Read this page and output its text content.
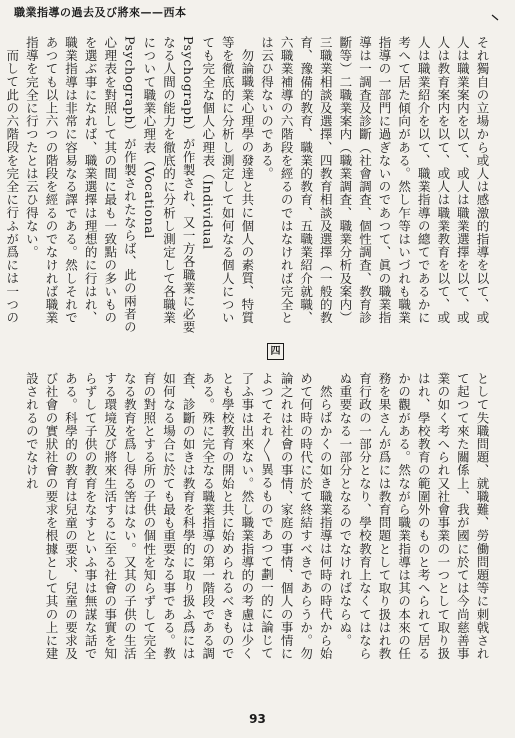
職業指導の過去及び將來——西本

それ獨自の立場から或人は感激的指導を以て、或人は職業案内を以て、或人は職業選擇を以て、或人は教育案内を以て、或人は職業教育を以て、或人は職業紹介を以て、職業指導の總てであるかに考へて居た傾向がある。然し乍等はいづれも職業指導の一部門に過ぎないのであつて、眞の職業指導は一調査及診斷（社會調査、個性調査、教育診斷等）二職業案内（職業調査、職業分析及案内）三職業相談及選擇、四教育相談及選擇（一般的教育、豫備的教育、職業的教育、五職業紹介就職、六職業補導の六階段を經るのではなければ完全とは云ひ得ないのである。

勿論職業心理學の發達と共に個人の素質、特質等を徹底的に分析し測定して如何なる個人についても完全な個人心理表（Individual Psychograph）が作製され、又一方各職業に必要なる人間の能力を徹底的に分析し測定して各職業について職業心理表（Vocational Psychograph）が作製されたならば、此の兩者の心理表を對照して其の間に最も一致點の多いものを選ぶ事になれば、職業選擇は理想的に行はれ、職業指導は非常に容易なる譯である。然しそれであつても以上六つの階段を經るのでなければ職業指導を完全に行つたとは云ひ得ない。

而して此の六階段を完全に行ふが爲には一つの

四

として失職問題、就職難、勞働問題等に刺戟されて起つて來た關係上、我が國に於ては今尚慈善事業の如く考へられ又社會事業の一つとして取り扱はれ、學校教育の範圍外のものと考へられて居るかの觀がある。然ながら職業指導は其の本來の任務を果さんが爲には教育問題として取り扱はれ教育行政の一部分となり、學校教育上なくてはならぬ重要なる一部分となるのでなければならぬ。

然らばかくの如き職業指導は何時の時代から始めて何時の時代に於て終結すべきであらうか。勿論之れは社會の事情、家庭の事情、個人の事情によつてそれ〳〵異るものであつて劃一的に論じて了ふ事は出來ない。然し職業指導的の考慮は少くとも學校教育の開始と共に始められるべきものである。殊に完全なる職業指導の第一階段である調査、診斷の如きは教育を科學的に取り扱ふ爲には如何なる場合に於ても最も重要なる事である。教育の對照とする所の子供の個性を知らずして完全なる教育を爲し得る筈はない。又其の子供の生活する環境及び將來生活するに至る社會の事實を知らずして子供の教育をなすといふ事は無謀な話である。科學的の教育は兒童の要求、兒童の要求及び社會の實狀社會の要求を根據として其の上に建設されるのでなけれ

93
